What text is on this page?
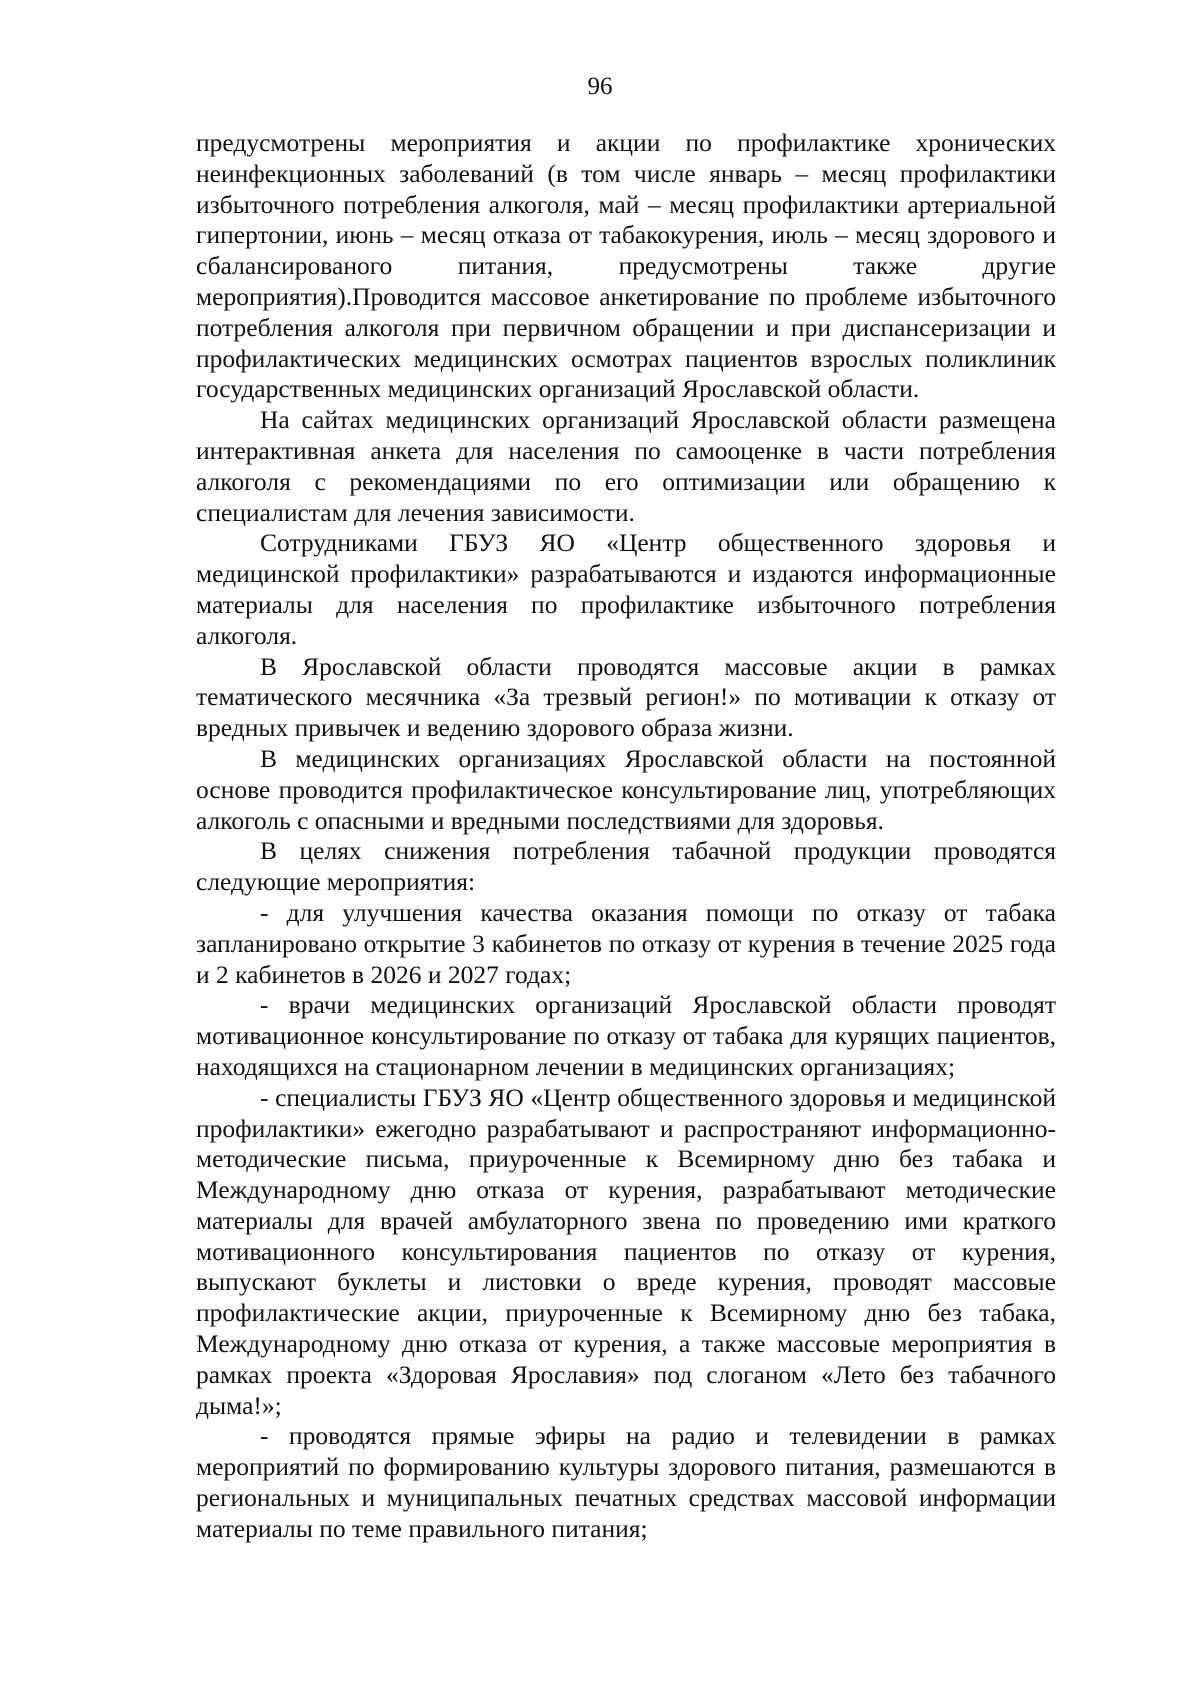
96

предусмотрены мероприятия и акции по профилактике хронических неинфекционных заболеваний (в том числе январь – месяц профилактики избыточного потребления алкоголя, май – месяц профилактики артериальной гипертонии, июнь – месяц отказа от табакокурения, июль – месяц здорового и сбалансированого питания, предусмотрены также другие мероприятия).Проводится массовое анкетирование по проблеме избыточного потребления алкоголя при первичном обращении и при диспансеризации и профилактических медицинских осмотрах пациентов взрослых поликлиник государственных медицинских организаций Ярославской области.

На сайтах медицинских организаций Ярославской области размещена интерактивная анкета для населения по самооценке в части потребления алкоголя с рекомендациями по его оптимизации или обращению к специалистам для лечения зависимости.

Сотрудниками ГБУЗ ЯО «Центр общественного здоровья и медицинской профилактики» разрабатываются и издаются информационные материалы для населения по профилактике избыточного потребления алкоголя.

В Ярославской области проводятся массовые акции в рамках тематического месячника «За трезвый регион!» по мотивации к отказу от вредных привычек и ведению здорового образа жизни.

В медицинских организациях Ярославской области на постоянной основе проводится профилактическое консультирование лиц, употребляющих алкоголь с опасными и вредными последствиями для здоровья.

В целях снижения потребления табачной продукции проводятся следующие мероприятия:

- для улучшения качества оказания помощи по отказу от табака запланировано открытие 3 кабинетов по отказу от курения в течение 2025 года и 2 кабинетов в 2026 и 2027 годах;

- врачи медицинских организаций Ярославской области проводят мотивационное консультирование по отказу от табака для курящих пациентов, находящихся на стационарном лечении в медицинских организациях;

- специалисты ГБУЗ ЯО «Центр общественного здоровья и медицинской профилактики» ежегодно разрабатывают и распространяют информационно-методические письма, приуроченные к Всемирному дню без табака и Международному дню отказа от курения, разрабатывают методические материалы для врачей амбулаторного звена по проведению ими краткого мотивационного консультирования пациентов по отказу от курения, выпускают буклеты и листовки о вреде курения, проводят массовые профилактические акции, приуроченные к Всемирному дню без табака, Международному дню отказа от курения, а также массовые мероприятия в рамках проекта «Здоровая Ярославия» под слоганом «Лето без табачного дыма!»;

- проводятся прямые эфиры на радио и телевидении в рамках мероприятий по формированию культуры здорового питания, размешаются в региональных и муниципальных печатных средствах массовой информации материалы по теме правильного питания;
